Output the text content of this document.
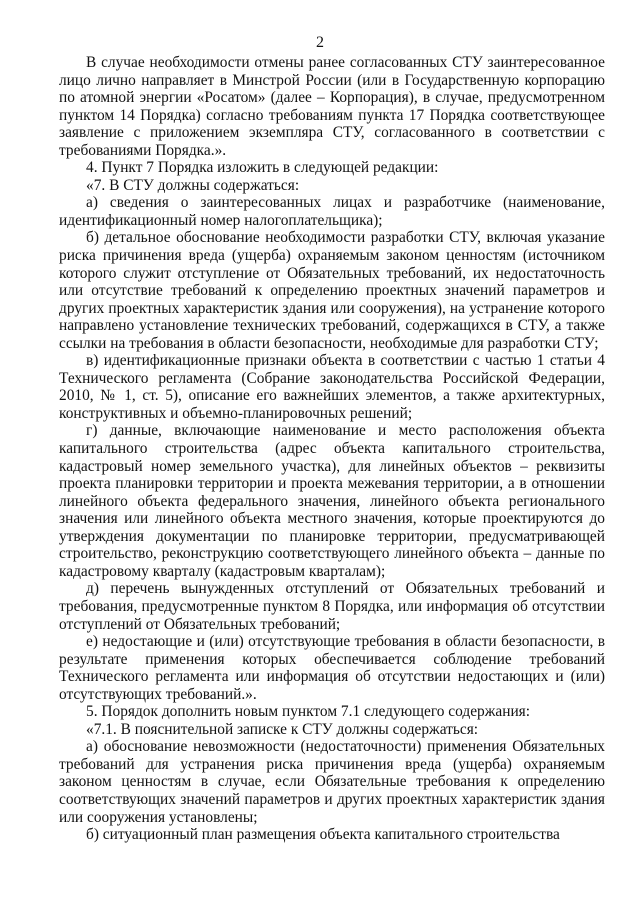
2

В случае необходимости отмены ранее согласованных СТУ заинтересованное лицо лично направляет в Минстрой России (или в Государственную корпорацию по атомной энергии «Росатом» (далее – Корпорация), в случае, предусмотренном пунктом 14 Порядка) согласно требованиям пункта 17 Порядка соответствующее заявление с приложением экземпляра СТУ, согласованного в соответствии с требованиями Порядка.».

4. Пункт 7 Порядка изложить в следующей редакции:

«7. В СТУ должны содержаться:

а) сведения о заинтересованных лицах и разработчике (наименование, идентификационный номер налогоплательщика);

б) детальное обоснование необходимости разработки СТУ, включая указание риска причинения вреда (ущерба) охраняемым законом ценностям (источником которого служит отступление от Обязательных требований, их недостаточность или отсутствие требований к определению проектных значений параметров и других проектных характеристик здания или сооружения), на устранение которого направлено установление технических требований, содержащихся в СТУ, а также ссылки на требования в области безопасности, необходимые для разработки СТУ;

в) идентификационные признаки объекта в соответствии с частью 1 статьи 4 Технического регламента (Собрание законодательства Российской Федерации, 2010, № 1, ст. 5), описание его важнейших элементов, а также архитектурных, конструктивных и объемно-планировочных решений;

г) данные, включающие наименование и место расположения объекта капитального строительства (адрес объекта капитального строительства, кадастровый номер земельного участка), для линейных объектов – реквизиты проекта планировки территории и проекта межевания территории, а в отношении линейного объекта федерального значения, линейного объекта регионального значения или линейного объекта местного значения, которые проектируются до утверждения документации по планировке территории, предусматривающей строительство, реконструкцию соответствующего линейного объекта – данные по кадастровому кварталу (кадастровым кварталам);

д) перечень вынужденных отступлений от Обязательных требований и требования, предусмотренные пунктом 8 Порядка, или информация об отсутствии отступлений от Обязательных требований;

е) недостающие и (или) отсутствующие требования в области безопасности, в результате применения которых обеспечивается соблюдение требований Технического регламента или информация об отсутствии недостающих и (или) отсутствующих требований.».

5. Порядок дополнить новым пунктом 7.1 следующего содержания:

«7.1. В пояснительной записке к СТУ должны содержаться:

а) обоснование невозможности (недостаточности) применения Обязательных требований для устранения риска причинения вреда (ущерба) охраняемым законом ценностям в случае, если Обязательные требования к определению соответствующих значений параметров и других проектных характеристик здания или сооружения установлены;

б) ситуационный план размещения объекта капитального строительства
